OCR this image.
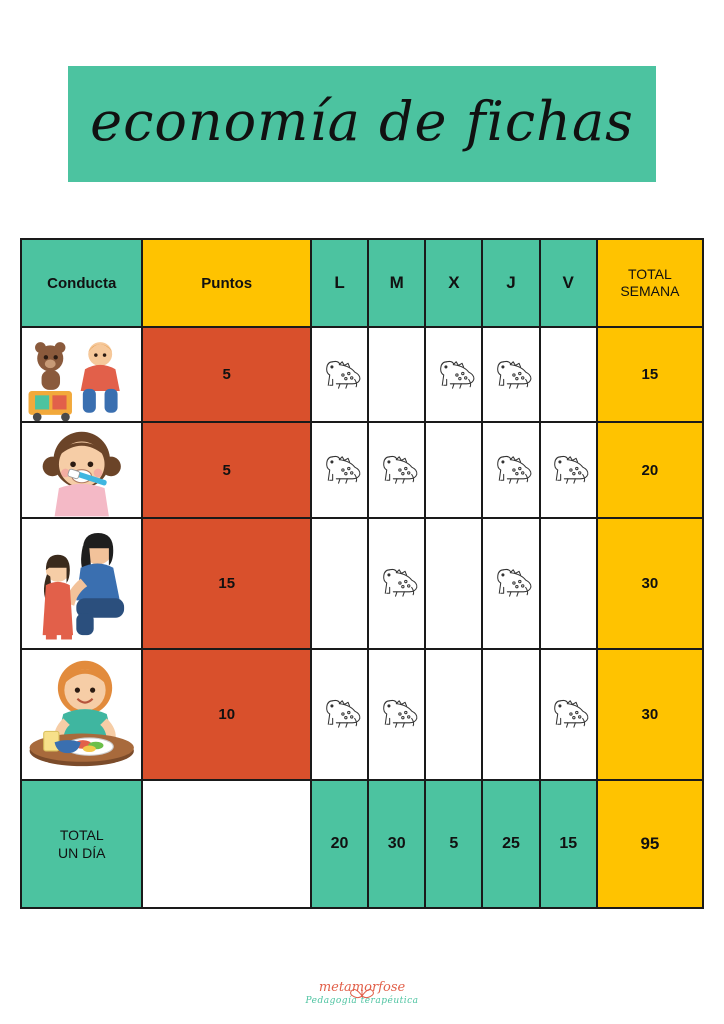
economía de fichas
Conducta	Puntos	L	M	X	J	V	TOTAL
SEMANA

	5						15

	5						20

	15						30

	10						30

TOTAL
UN DÍA		20	30	5	25	15	95
metamorfose
Pedagogía terapéutica
